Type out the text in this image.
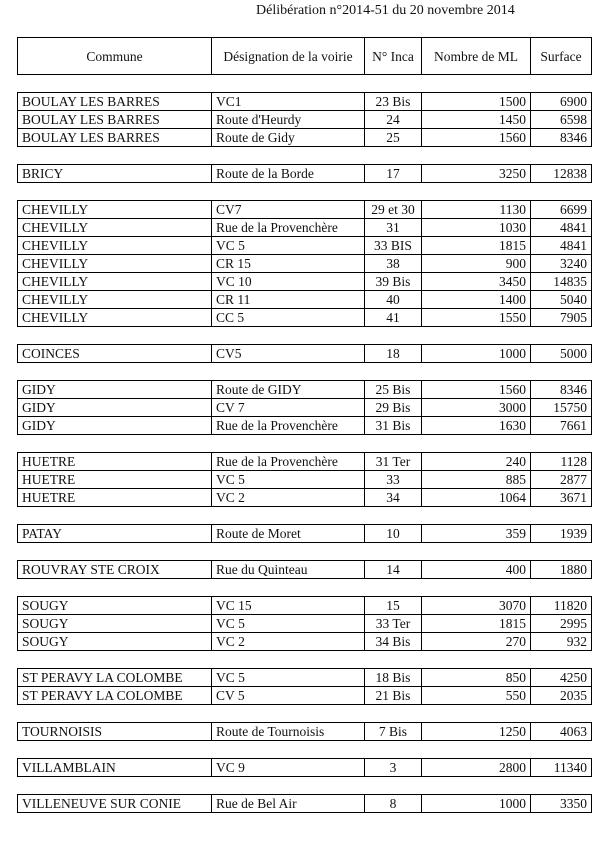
Délibération n°2014-51 du 20 novembre 2014
Commune	Désignation de la voirie	N° Inca	Nombre de ML	Surface

BOULAY LES BARRES	VC1	23 Bis	1500	6900
BOULAY LES BARRES	Route d'Heurdy	24	1450	6598
BOULAY LES BARRES	Route de Gidy	25	1560	8346

BRICY	Route de la Borde	17	3250	12838

CHEVILLY	CV7	29 et 30	1130	6699
CHEVILLY	Rue de la Provenchère	31	1030	4841
CHEVILLY	VC 5	33 BIS	1815	4841
CHEVILLY	CR 15	38	900	3240
CHEVILLY	VC 10	39 Bis	3450	14835
CHEVILLY	CR 11	40	1400	5040
CHEVILLY	CC 5	41	1550	7905

COINCES	CV5	18	1000	5000

GIDY	Route de GIDY	25 Bis	1560	8346
GIDY	CV 7	29 Bis	3000	15750
GIDY	Rue de la Provenchère	31 Bis	1630	7661

HUETRE	Rue de la Provenchère	31 Ter	240	1128
HUETRE	VC 5	33	885	2877
HUETRE	VC 2	34	1064	3671

PATAY	Route de Moret	10	359	1939

ROUVRAY STE CROIX	Rue du Quinteau	14	400	1880

SOUGY	VC 15	15	3070	11820
SOUGY	VC 5	33 Ter	1815	2995
SOUGY	VC 2	34 Bis	270	932

ST PERAVY LA COLOMBE	VC 5	18 Bis	850	4250
ST PERAVY LA COLOMBE	CV 5	21 Bis	550	2035

TOURNOISIS	Route de Tournoisis	7 Bis	1250	4063

VILLAMBLAIN	VC 9	3	2800	11340

VILLENEUVE SUR CONIE	Rue de Bel Air	8	1000	3350
